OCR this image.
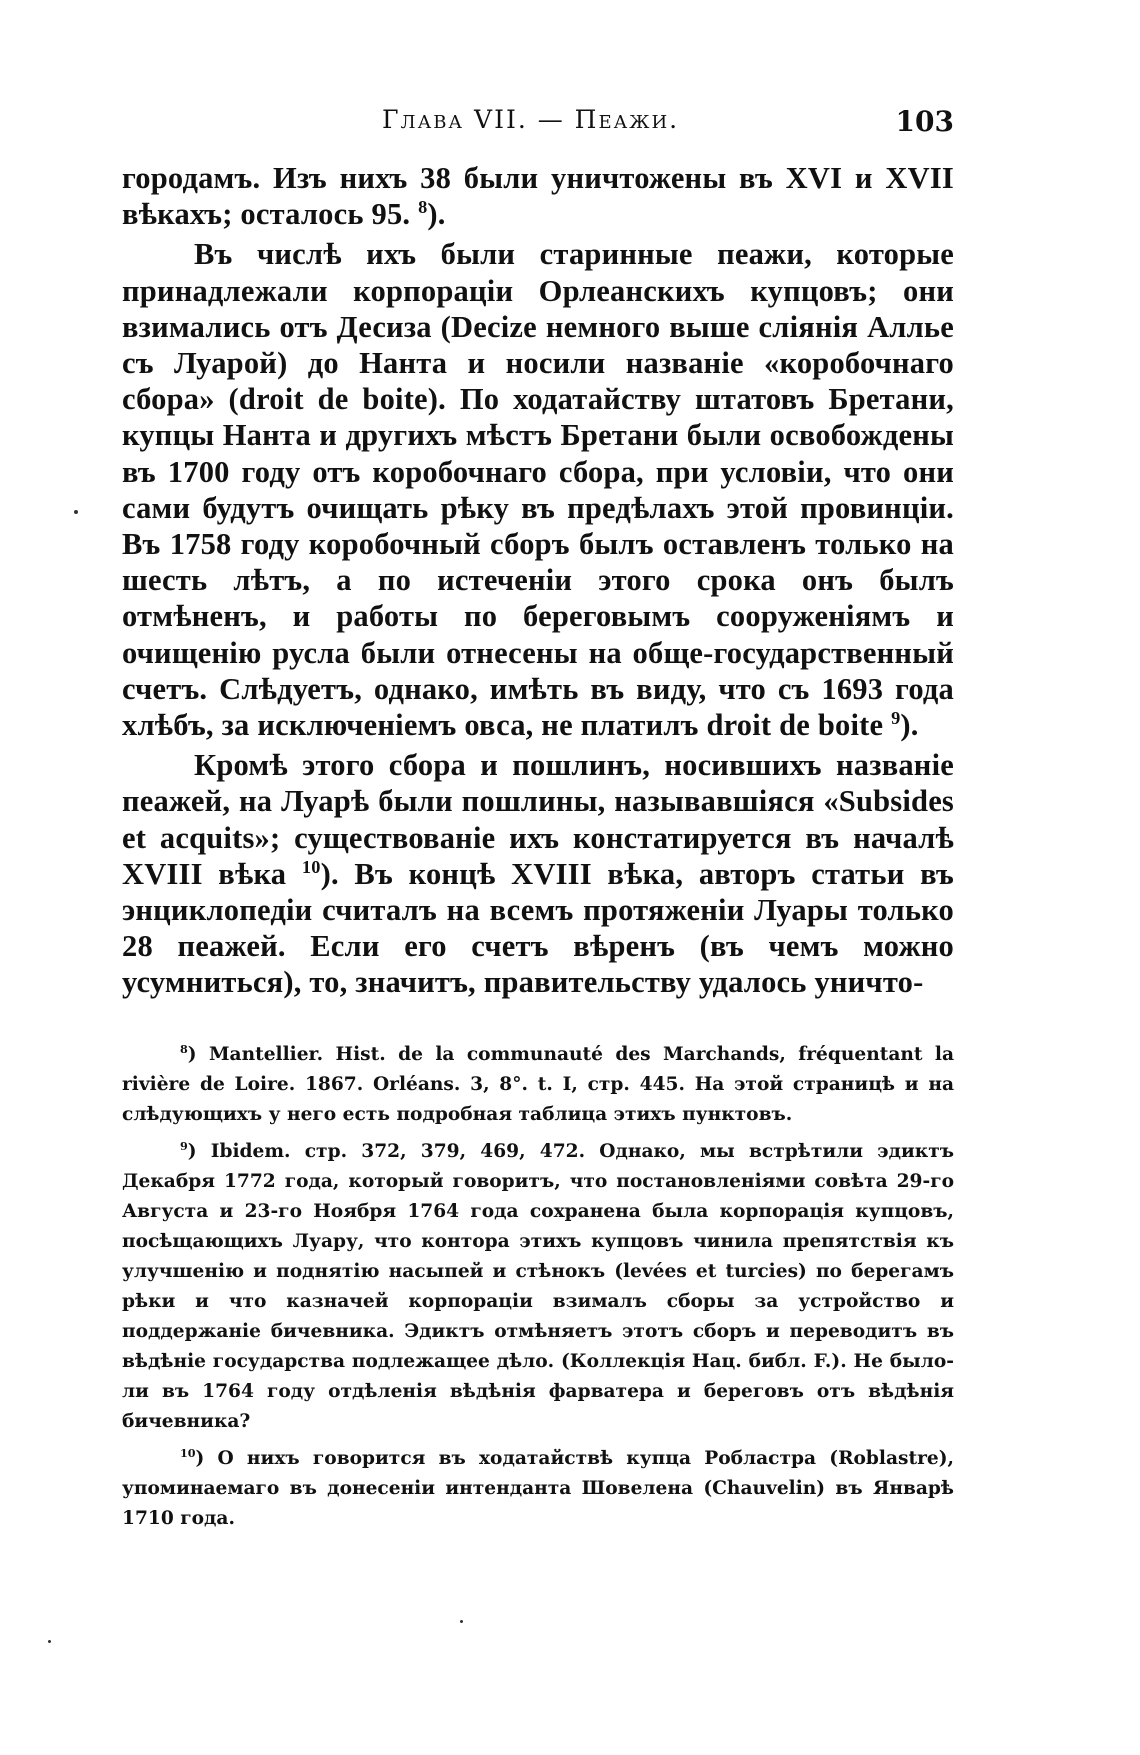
Глава VII. — Пеажи.	103

городамъ. Изъ нихъ 38 были уничтожены въ XVI и XVII вѣкахъ; осталось 95. $^8$).

Въ числѣ ихъ были старинные пеажи, которые принадлежали корпораціи Орлеанскихъ купцовъ; они взимались отъ Десиза (Decize немного выше сліянія Алльe съ Луарой) до Нанта и носили названіе «коробочнаго сбора» (droit de boite). По ходатайству штатовъ Бретани, купцы Нанта и другихъ мѣстъ Бретани были освобождены въ 1700 году отъ коробочнаго сбора, при условіи, что они сами будутъ очищать рѣку въ предѣлахъ этой провинціи. Въ 1758 году коробочный сборъ былъ оставленъ только на шесть лѣтъ, а по истеченіи этого срока онъ былъ отмѣненъ, и работы по береговымъ сооруженіямъ и очищенію русла были отнесены на обще-государственный счетъ. Слѣдуетъ, однако, имѣть въ виду, что съ 1693 года хлѣбъ, за исключеніемъ овса, не платилъ droit de boite $^9$).

Кромѣ этого сбора и пошлинъ, носившихъ названіе пеажей, на Луарѣ были пошлины, называвшіяся «Subsides et acquits»; существованіе ихъ констатируется въ началѣ XVIII вѣка $^{10}$). Въ концѣ XVIII вѣка, авторъ статьи въ энциклопедіи считалъ на всемъ протяженіи Луары только 28 пеажей. Если его счетъ вѣренъ (въ чемъ можно усумниться), то, значитъ, правительству удалось уничто-

$^8$) Mantellier. Hist. de la communauté des Marchands, fréquentant la rivière de Loire. 1867. Orléans. 3, 8°. t. I, стр. 445. На этой страницѣ и на слѣдующихъ у него есть подробная таблица этихъ пунктовъ.

$^9$) Ibidem. стр. 372, 379, 469, 472. Однако, мы встрѣтили эдиктъ Декабря 1772 года, который говоритъ, что постановленіями совѣта 29-го Августа и 23-го Ноября 1764 года сохранена была корпорація купцовъ, посѣщающихъ Луару, что контора этихъ купцовъ чинила препятствія къ улучшенію и поднятію насыпей и стѣнокъ (levées et turcies) по берегамъ рѣки и что казначей корпораціи взималъ сборы за устройство и поддержаніе бичевника. Эдиктъ отмѣняетъ этотъ сборъ и переводитъ въ вѣдѣніе государства подлежащее дѣло. (Коллекція Нац. библ. F.). Не было-ли въ 1764 году отдѣленія вѣдѣнія фарватера и береговъ отъ вѣдѣнія бичевника?

$^{10}$) О нихъ говорится въ ходатайствѣ купца Робластра (Roblastre), упоминаемаго въ донесеніи интенданта Шовелена (Chauvelin) въ Январѣ 1710 года.
